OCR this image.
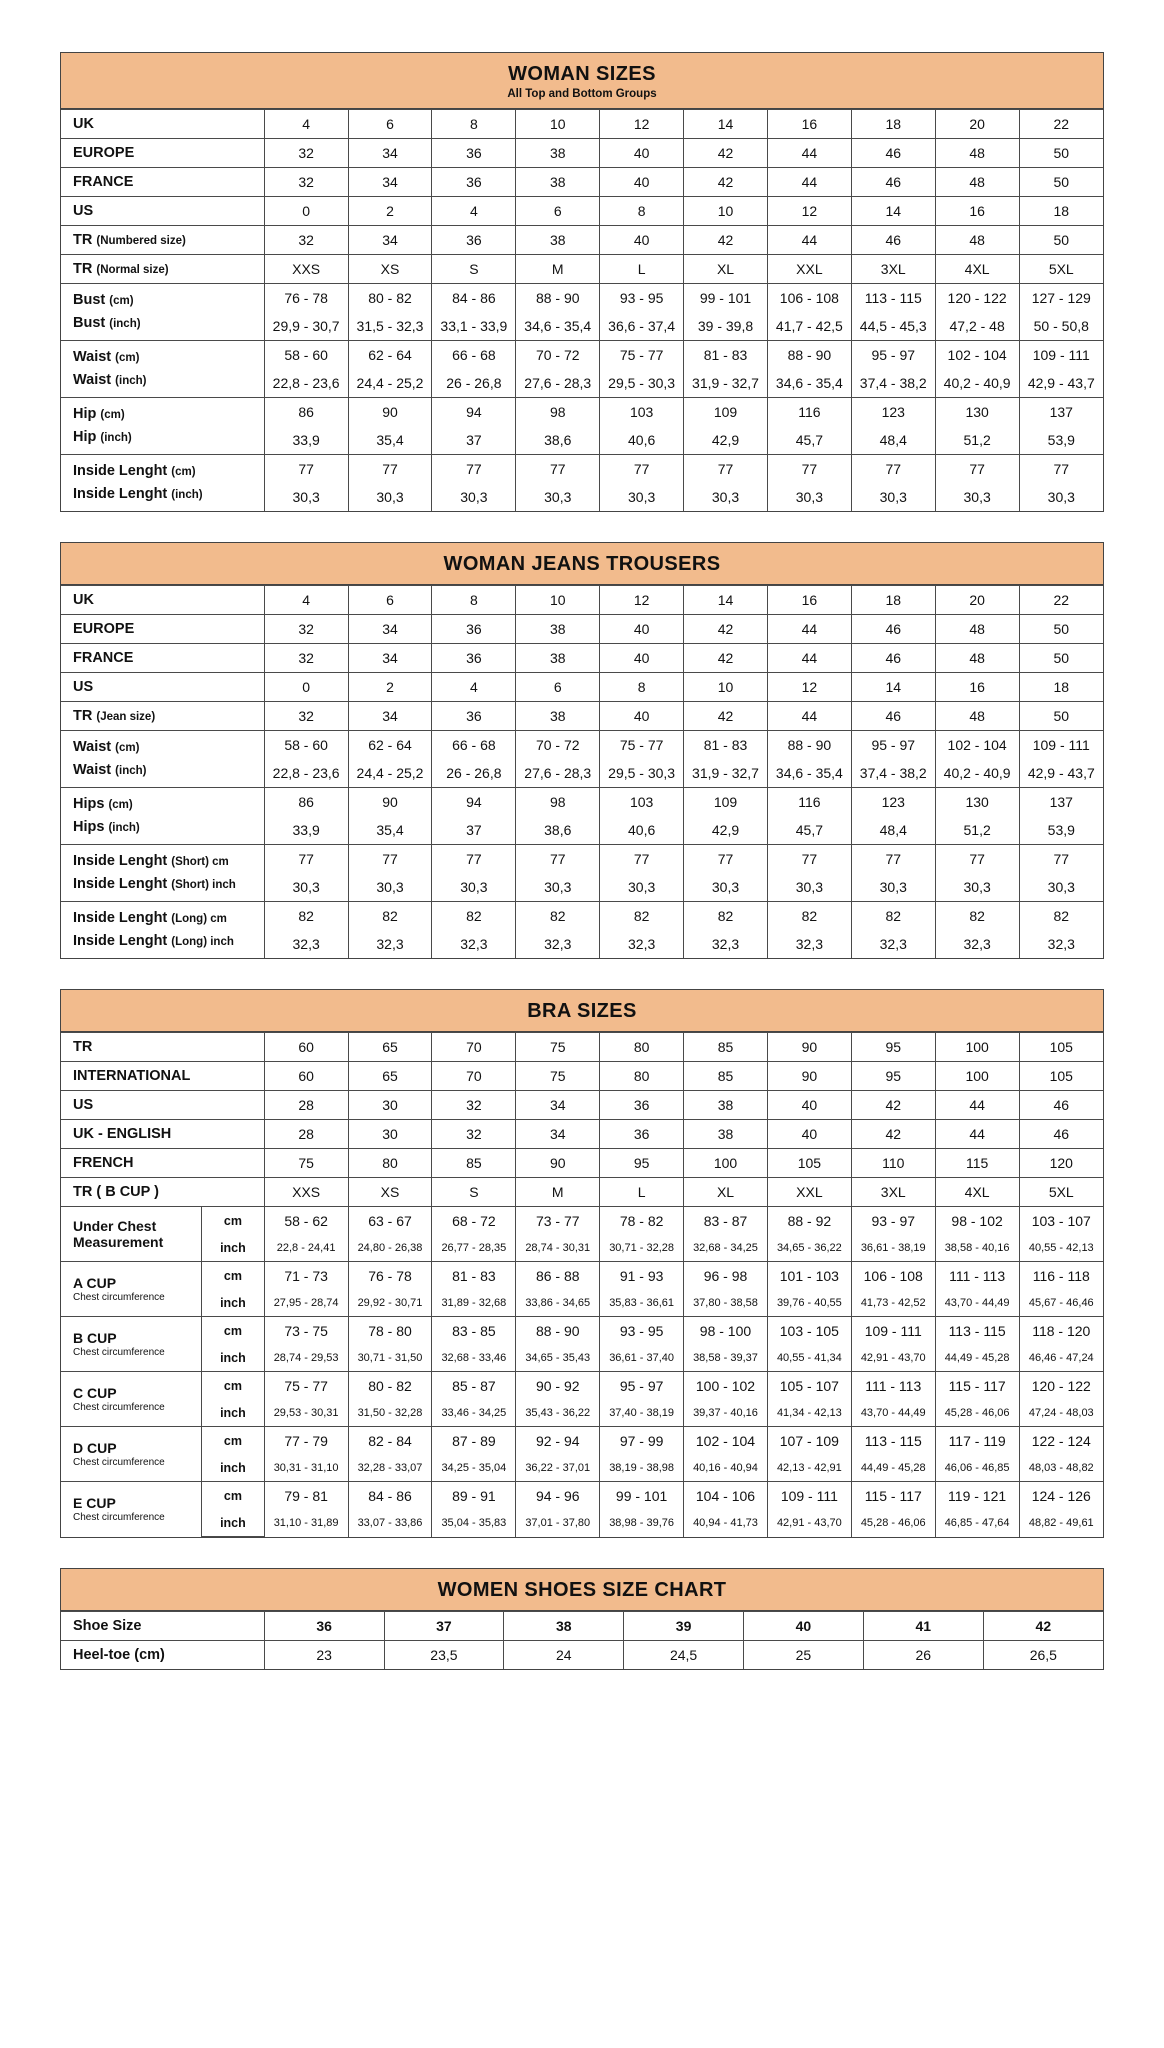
WOMAN SIZES
All Top and Bottom Groups
UK	4	6	8	10	12	14	16	18	20	22
EUROPE	32	34	36	38	40	42	44	46	48	50
FRANCE	32	34	36	38	40	42	44	46	48	50
US	0	2	4	6	8	10	12	14	16	18
TR (Numbered size)	32	34	36	38	40	42	44	46	48	50
TR (Normal size)	XXS	XS	S	M	L	XL	XXL	3XL	4XL	5XL
Bust (cm)	76 - 78	80 - 82	84 - 86	88 - 90	93 - 95	99 - 101	106 - 108	113 - 115	120 - 122	127 - 129
Bust (inch)	29,9 - 30,7	31,5 - 32,3	33,1 - 33,9	34,6 - 35,4	36,6 - 37,4	39 - 39,8	41,7 - 42,5	44,5 - 45,3	47,2 - 48	50 - 50,8
Waist (cm)	58 - 60	62 - 64	66 - 68	70 - 72	75 - 77	81 - 83	88 - 90	95 - 97	102 - 104	109 - 111
Waist (inch)	22,8 - 23,6	24,4 - 25,2	26 - 26,8	27,6 - 28,3	29,5 - 30,3	31,9 - 32,7	34,6 - 35,4	37,4 - 38,2	40,2 - 40,9	42,9 - 43,7
Hip (cm)	86	90	94	98	103	109	116	123	130	137
Hip (inch)	33,9	35,4	37	38,6	40,6	42,9	45,7	48,4	51,2	53,9
Inside Lenght (cm)	77	77	77	77	77	77	77	77	77	77
Inside Lenght (inch)	30,3	30,3	30,3	30,3	30,3	30,3	30,3	30,3	30,3	30,3
WOMAN JEANS TROUSERS
UK	4	6	8	10	12	14	16	18	20	22
EUROPE	32	34	36	38	40	42	44	46	48	50
FRANCE	32	34	36	38	40	42	44	46	48	50
US	0	2	4	6	8	10	12	14	16	18
TR (Jean size)	32	34	36	38	40	42	44	46	48	50
Waist (cm)	58 - 60	62 - 64	66 - 68	70 - 72	75 - 77	81 - 83	88 - 90	95 - 97	102 - 104	109 - 111
Waist (inch)	22,8 - 23,6	24,4 - 25,2	26 - 26,8	27,6 - 28,3	29,5 - 30,3	31,9 - 32,7	34,6 - 35,4	37,4 - 38,2	40,2 - 40,9	42,9 - 43,7
Hips (cm)	86	90	94	98	103	109	116	123	130	137
Hips (inch)	33,9	35,4	37	38,6	40,6	42,9	45,7	48,4	51,2	53,9
Inside Lenght (Short) cm	77	77	77	77	77	77	77	77	77	77
Inside Lenght (Short) inch	30,3	30,3	30,3	30,3	30,3	30,3	30,3	30,3	30,3	30,3
Inside Lenght (Long) cm	82	82	82	82	82	82	82	82	82	82
Inside Lenght (Long) inch	32,3	32,3	32,3	32,3	32,3	32,3	32,3	32,3	32,3	32,3
BRA SIZES
TR	60	65	70	75	80	85	90	95	100	105
INTERNATIONAL	60	65	70	75	80	85	90	95	100	105
US	28	30	32	34	36	38	40	42	44	46
UK - ENGLISH	28	30	32	34	36	38	40	42	44	46
FRENCH	75	80	85	90	95	100	105	110	115	120
TR ( B CUP )	XXS	XS	S	M	L	XL	XXL	3XL	4XL	5XL
Under Chest Measurement	cm	58 - 62	63 - 67	68 - 72	73 - 77	78 - 82	83 - 87	88 - 92	93 - 97	98 - 102	103 - 107
	inch	22,8 - 24,41	24,80 - 26,38	26,77 - 28,35	28,74 - 30,31	30,71 - 32,28	32,68 - 34,25	34,65 - 36,22	36,61 - 38,19	38,58 - 40,16	40,55 - 42,13
A CUP
Chest circumference	cm	71 - 73	76 - 78	81 - 83	86 - 88	91 - 93	96 - 98	101 - 103	106 - 108	111 - 113	116 - 118
	inch	27,95 - 28,74	29,92 - 30,71	31,89 - 32,68	33,86 - 34,65	35,83 - 36,61	37,80 - 38,58	39,76 - 40,55	41,73 - 42,52	43,70 - 44,49	45,67 - 46,46
B CUP
Chest circumference	cm	73 - 75	78 - 80	83 - 85	88 - 90	93 - 95	98 - 100	103 - 105	109 - 111	113 - 115	118 - 120
	inch	28,74 - 29,53	30,71 - 31,50	32,68 - 33,46	34,65 - 35,43	36,61 - 37,40	38,58 - 39,37	40,55 - 41,34	42,91 - 43,70	44,49 - 45,28	46,46 - 47,24
C CUP
Chest circumference	cm	75 - 77	80 - 82	85 - 87	90 - 92	95 - 97	100 - 102	105 - 107	111 - 113	115 - 117	120 - 122
	inch	29,53 - 30,31	31,50 - 32,28	33,46 - 34,25	35,43 - 36,22	37,40 - 38,19	39,37 - 40,16	41,34 - 42,13	43,70 - 44,49	45,28 - 46,06	47,24 - 48,03
D CUP
Chest circumference	cm	77 - 79	82 - 84	87 - 89	92 - 94	97 - 99	102 - 104	107 - 109	113 - 115	117 - 119	122 - 124
	inch	30,31 - 31,10	32,28 - 33,07	34,25 - 35,04	36,22 - 37,01	38,19 - 38,98	40,16 - 40,94	42,13 - 42,91	44,49 - 45,28	46,06 - 46,85	48,03 - 48,82
E CUP
Chest circumference	cm	79 - 81	84 - 86	89 - 91	94 - 96	99 - 101	104 - 106	109 - 111	115 - 117	119 - 121	124 - 126
	inch	31,10 - 31,89	33,07 - 33,86	35,04 - 35,83	37,01 - 37,80	38,98 - 39,76	40,94 - 41,73	42,91 - 43,70	45,28 - 46,06	46,85 - 47,64	48,82 - 49,61
WOMEN SHOES SIZE CHART
Shoe Size	36	37	38	39	40	41	42
Heel-toe (cm)	23	23,5	24	24,5	25	26	26,5
